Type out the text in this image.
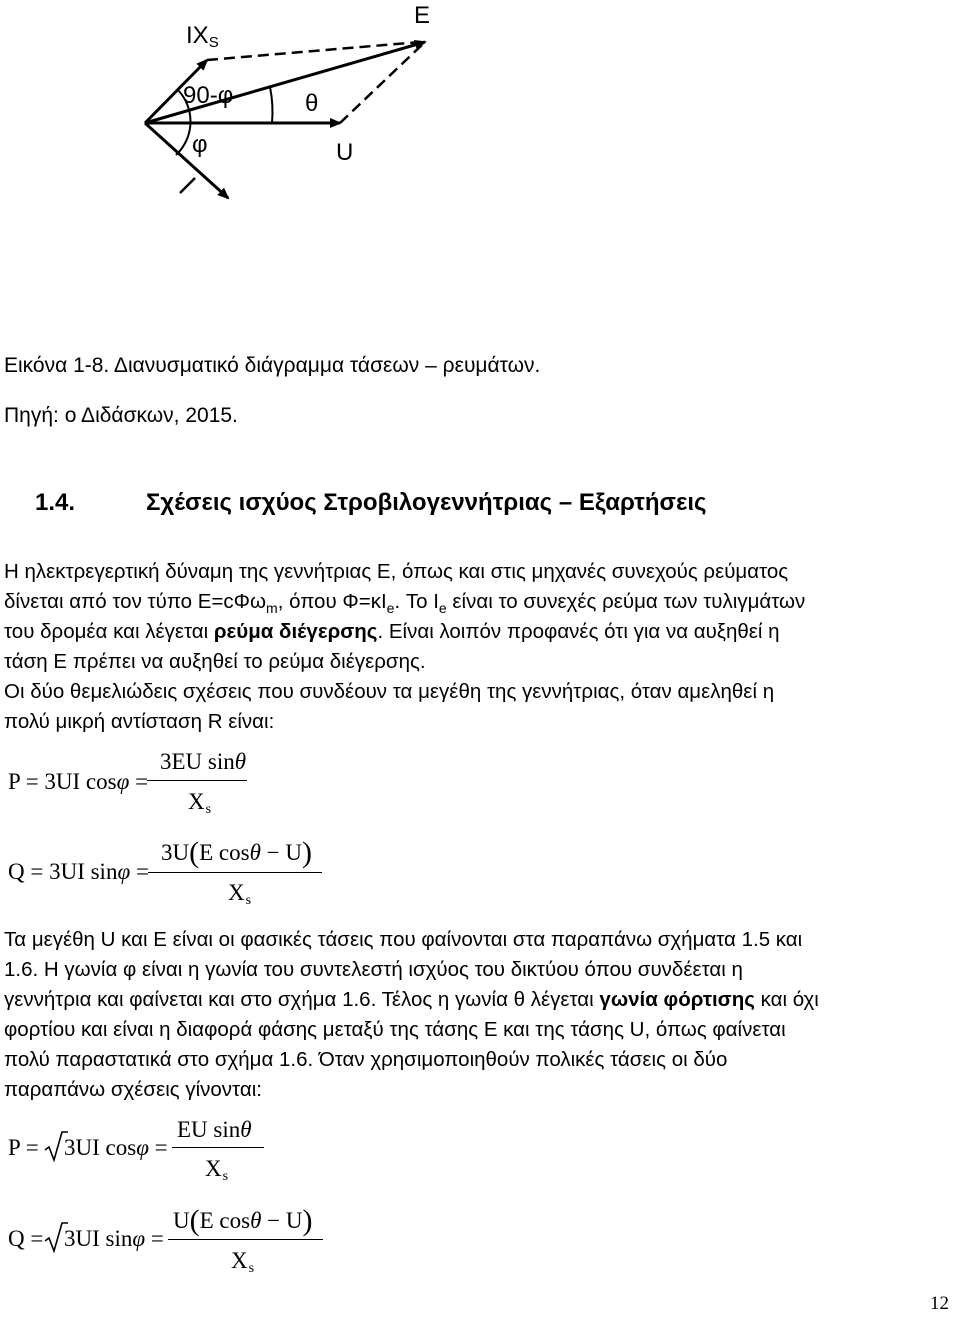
IXS
E
90-φ	θ
φ	U
Εικόνα 1-8. Διανυσματικό διάγραμμα τάσεων – ρευμάτων.
Πηγή: ο Διδάσκων, 2015.
1.4.	Σχέσεις ισχύος Στροβιλογεννήτριας – Εξαρτήσεις
Η ηλεκτρεγερτική δύναμη της γεννήτριας Ε, όπως και στις μηχανές συνεχούς ρεύματος
δίνεται από τον τύπο Ε=cΦω$_m$, όπου $\Phi=\kappa I_e$. Το $I_e$ είναι το συνεχές ρεύμα των τυλιγμάτων
του δρομέα και λέγεται ρεύμα διέγερσης. Είναι λοιπόν προφανές ότι για να αυξηθεί η
τάση Ε πρέπει να αυξηθεί το ρεύμα διέγερσης.
Οι δύο θεμελιώδεις σχέσεις που συνδέουν τα μεγέθη της γεννήτριας, όταν αμεληθεί η
πολύ μικρή αντίσταση R είναι:
P = 3UI cosφ =
3EU sinθ
Xs
Q = 3UI sinφ =
3U(E cosθ − U)
Xs
Τα μεγέθη U και E είναι οι φασικές τάσεις που φαίνονται στα παραπάνω σχήματα 1.5 και
1.6. Η γωνία φ είναι η γωνία του συντελεστή ισχύος του δικτύου όπου συνδέεται η
γεννήτρια και φαίνεται και στο σχήμα 1.6. Τέλος η γωνία θ λέγεται γωνία φόρτισης και όχι
φορτίου και είναι η διαφορά φάσης μεταξύ της τάσης Ε και της τάσης U, όπως φαίνεται
πολύ παραστατικά στο σχήμα 1.6. Όταν χρησιμοποιηθούν πολικές τάσεις οι δύο
παραπάνω σχέσεις γίνονται:
P = 3UI cosφ =
EU sinθ
Xs
Q = 3UI sinφ =
U(E cosθ − U)
Xs
12
